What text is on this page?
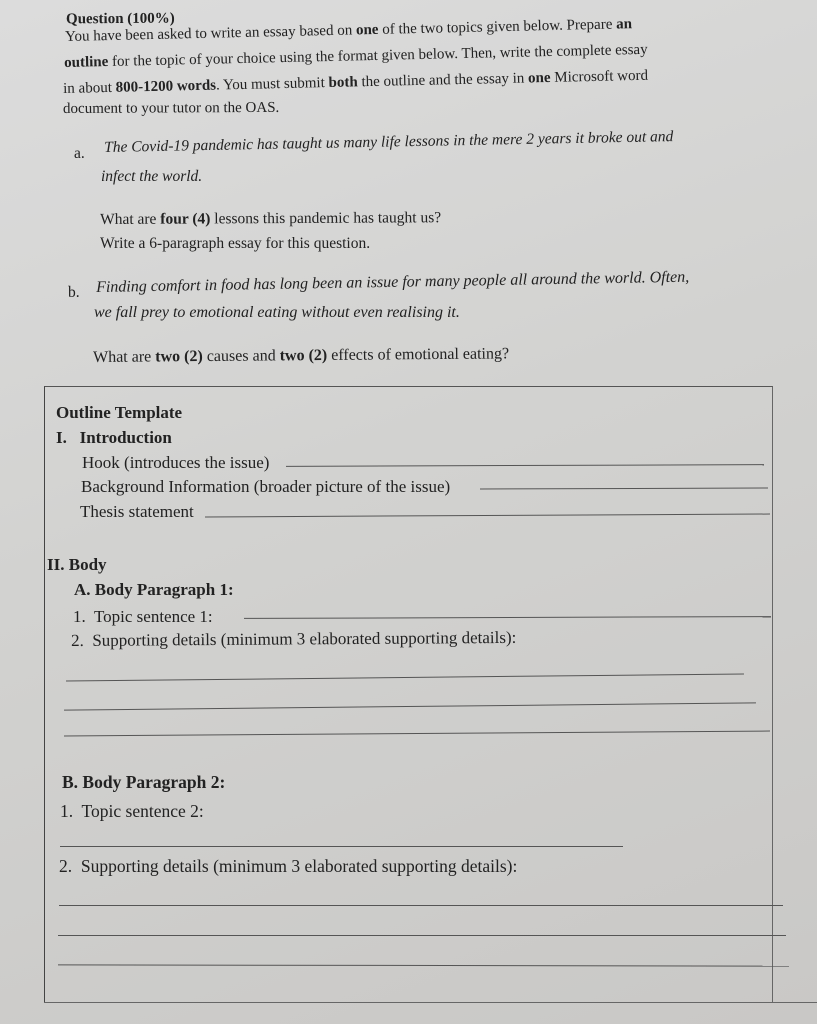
Question (100%)
You have been asked to write an essay based on one of the two topics given below. Prepare an
outline for the topic of your choice using the format given below. Then, write the complete essay
in about 800-1200 words. You must submit both the outline and the essay in one Microsoft word
document to your tutor on the OAS.
a. The Covid-19 pandemic has taught us many life lessons in the mere 2 years it broke out and
infect the world.
What are four (4) lessons this pandemic has taught us?
Write a 6-paragraph essay for this question.
b. Finding comfort in food has long been an issue for many people all around the world. Often,
we fall prey to emotional eating without even realising it.
What are two (2) causes and two (2) effects of emotional eating?
Outline Template
I.   Introduction
Hook (introduces the issue)
Background Information (broader picture of the issue)
Thesis statement
II. Body
A. Body Paragraph 1:
1.  Topic sentence 1:
2.  Supporting details (minimum 3 elaborated supporting details):
B. Body Paragraph 2:
1.  Topic sentence 2:
2.  Supporting details (minimum 3 elaborated supporting details):
